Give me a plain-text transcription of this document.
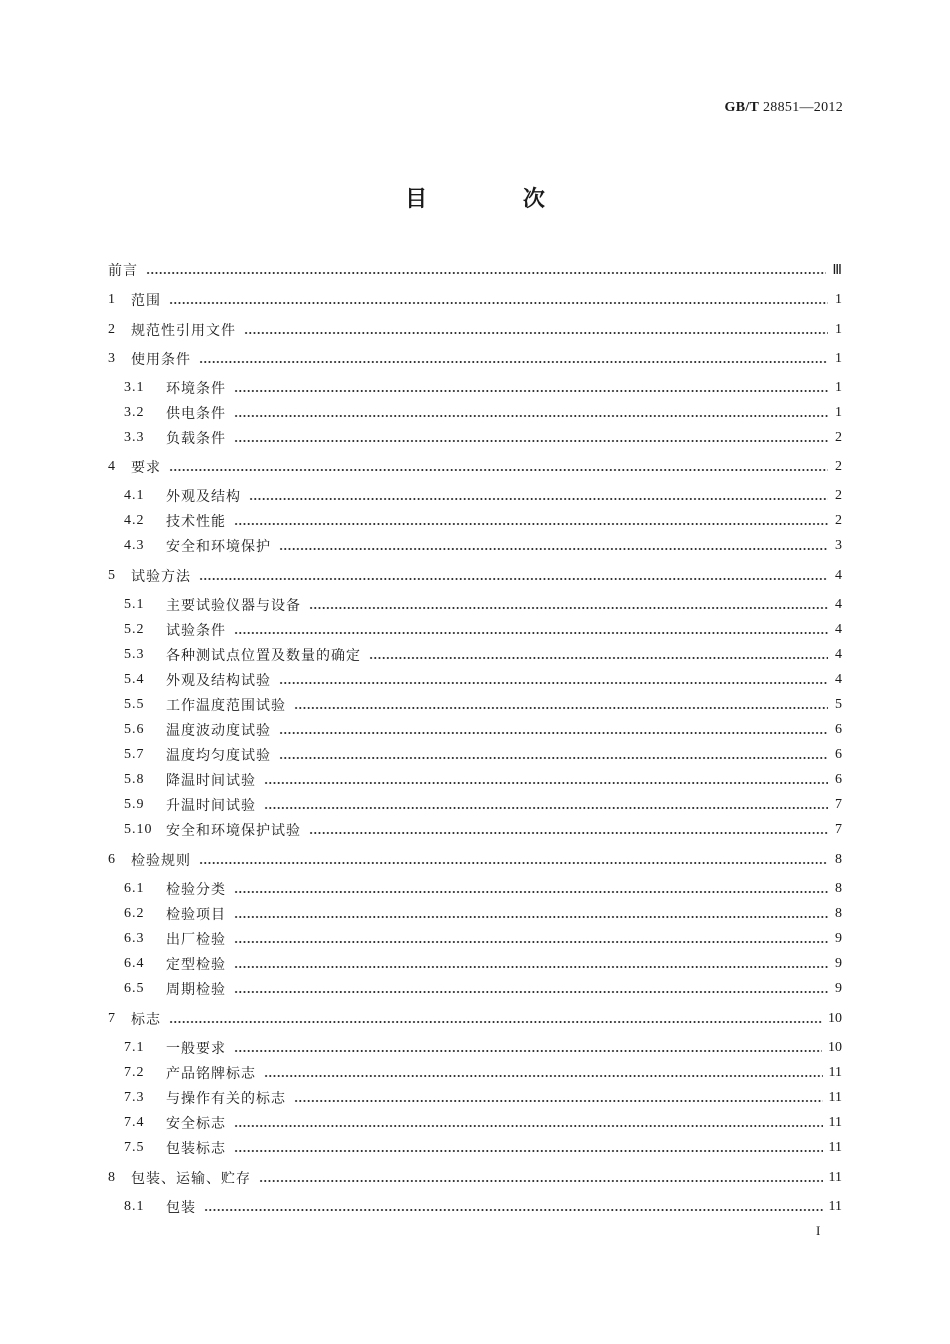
GB/T 28851—2012
目 次
前言	Ⅲ
1 范围	1
2 规范性引用文件	1
3 使用条件	1
3.1	环境条件	1
3.2	供电条件	1
3.3	负载条件	2
4 要求	2
4.1	外观及结构	2
4.2	技术性能	2
4.3	安全和环境保护	3
5 试验方法	4
5.1	主要试验仪器与设备	4
5.2	试验条件	4
5.3	各种测试点位置及数量的确定	4
5.4	外观及结构试验	4
5.5	工作温度范围试验	5
5.6	温度波动度试验	6
5.7	温度均匀度试验	6
5.8	降温时间试验	6
5.9	升温时间试验	7
5.10 安全和环境保护试验	7
6 检验规则	8
6.1	检验分类	8
6.2	检验项目	8
6.3	出厂检验	9
6.4	定型检验	9
6.5	周期检验	9
7 标志	10
7.1	一般要求	10
7.2	产品铭牌标志	11
7.3	与操作有关的标志	11
7.4	安全标志	11
7.5	包装标志	11
8 包装、运输、贮存	11
8.1	包装	11
I
